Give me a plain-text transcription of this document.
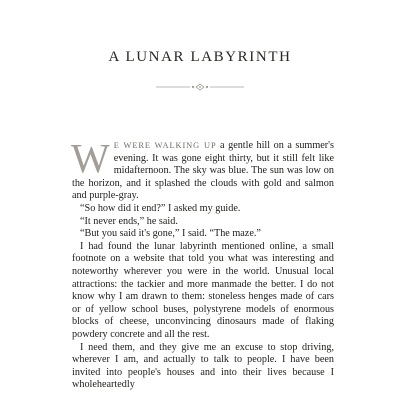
A LUNAR LABYRINTH

W E WERE WALKING UP a gentle hill on a summer's evening. It was gone eight thirty, but it still felt like midafternoon. The sky was blue. The sun was low on the horizon, and it splashed the clouds with gold and salmon and purple-gray.

“So how did it end?” I asked my guide.

“It never ends,” he said.

“But you said it's gone,” I said. “The maze.”

I had found the lunar labyrinth mentioned online, a small footnote on a website that told you what was interesting and noteworthy wherever you were in the world. Unusual local attractions: the tackier and more manmade the better. I do not know why I am drawn to them: stoneless henges made of cars or of yellow school buses, polystyrene models of enormous blocks of cheese, unconvincing dinosaurs made of flaking powdery concrete and all the rest.

I need them, and they give me an excuse to stop driving, wherever I am, and actually to talk to people. I have been invited into people's houses and into their lives because I wholeheartedly
